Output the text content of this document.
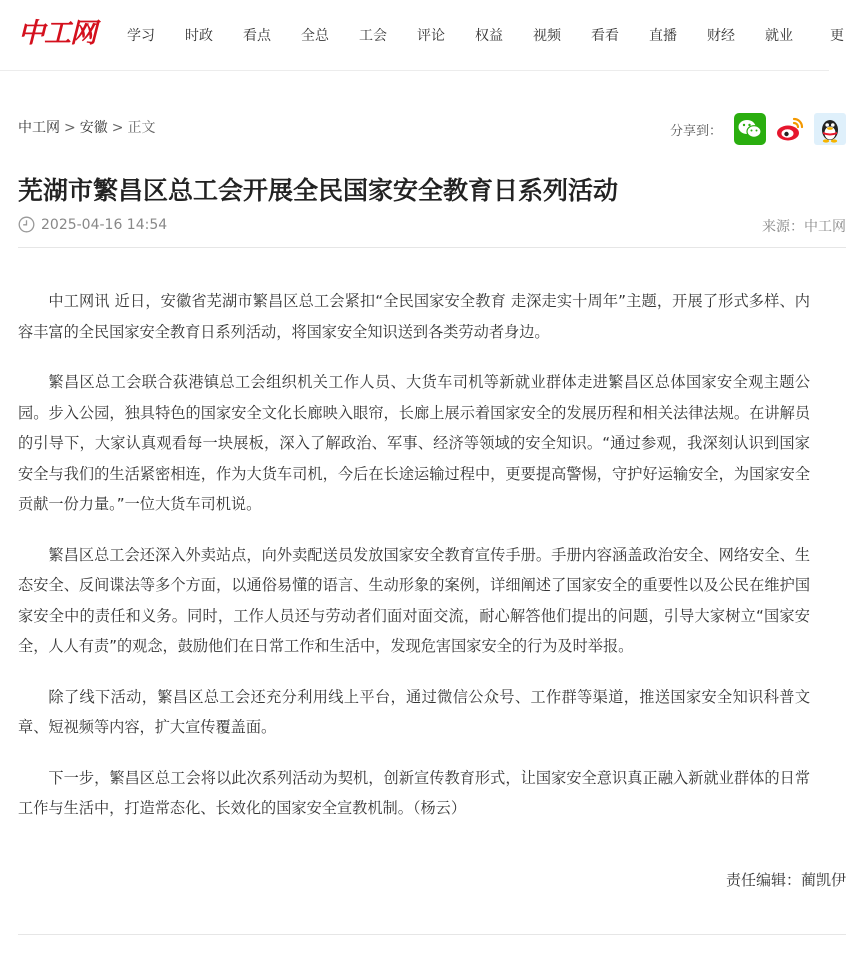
中工网	学习	时政	看点	全总	工会	评论	权益	视频	看看	直播	财经	就业	更
中工网 > 安徽 > 正文	分享到：
芜湖市繁昌区总工会开展全民国家安全教育日系列活动
2025-04-16 14:54	来源：中工网

中工网讯 近日，安徽省芜湖市繁昌区总工会紧扣“全民国家安全教育 走深走实十周年”主题，开展了形式多样、内容丰富的全民国家安全教育日系列活动，将国家安全知识送到各类劳动者身边。

繁昌区总工会联合荻港镇总工会组织机关工作人员、大货车司机等新就业群体走进繁昌区总体国家安全观主题公园。步入公园，独具特色的国家安全文化长廊映入眼帘，长廊上展示着国家安全的发展历程和相关法律法规。在讲解员的引导下，大家认真观看每一块展板，深入了解政治、军事、经济等领域的安全知识。“通过参观，我深刻认识到国家安全与我们的生活紧密相连，作为大货车司机，今后在长途运输过程中，更要提高警惕，守护好运输安全，为国家安全贡献一份力量。”一位大货车司机说。

繁昌区总工会还深入外卖站点，向外卖配送员发放国家安全教育宣传手册。手册内容涵盖政治安全、网络安全、生态安全、反间谍法等多个方面，以通俗易懂的语言、生动形象的案例，详细阐述了国家安全的重要性以及公民在维护国家安全中的责任和义务。同时，工作人员还与劳动者们面对面交流，耐心解答他们提出的问题，引导大家树立“国家安全，人人有责”的观念，鼓励他们在日常工作和生活中，发现危害国家安全的行为及时举报。

除了线下活动，繁昌区总工会还充分利用线上平台，通过微信公众号、工作群等渠道，推送国家安全知识科普文章、短视频等内容，扩大宣传覆盖面。

下一步，繁昌区总工会将以此次系列活动为契机，创新宣传教育形式，让国家安全意识真正融入新就业群体的日常工作与生活中，打造常态化、长效化的国家安全宣教机制。（杨云）

责任编辑：蔺凯伊
